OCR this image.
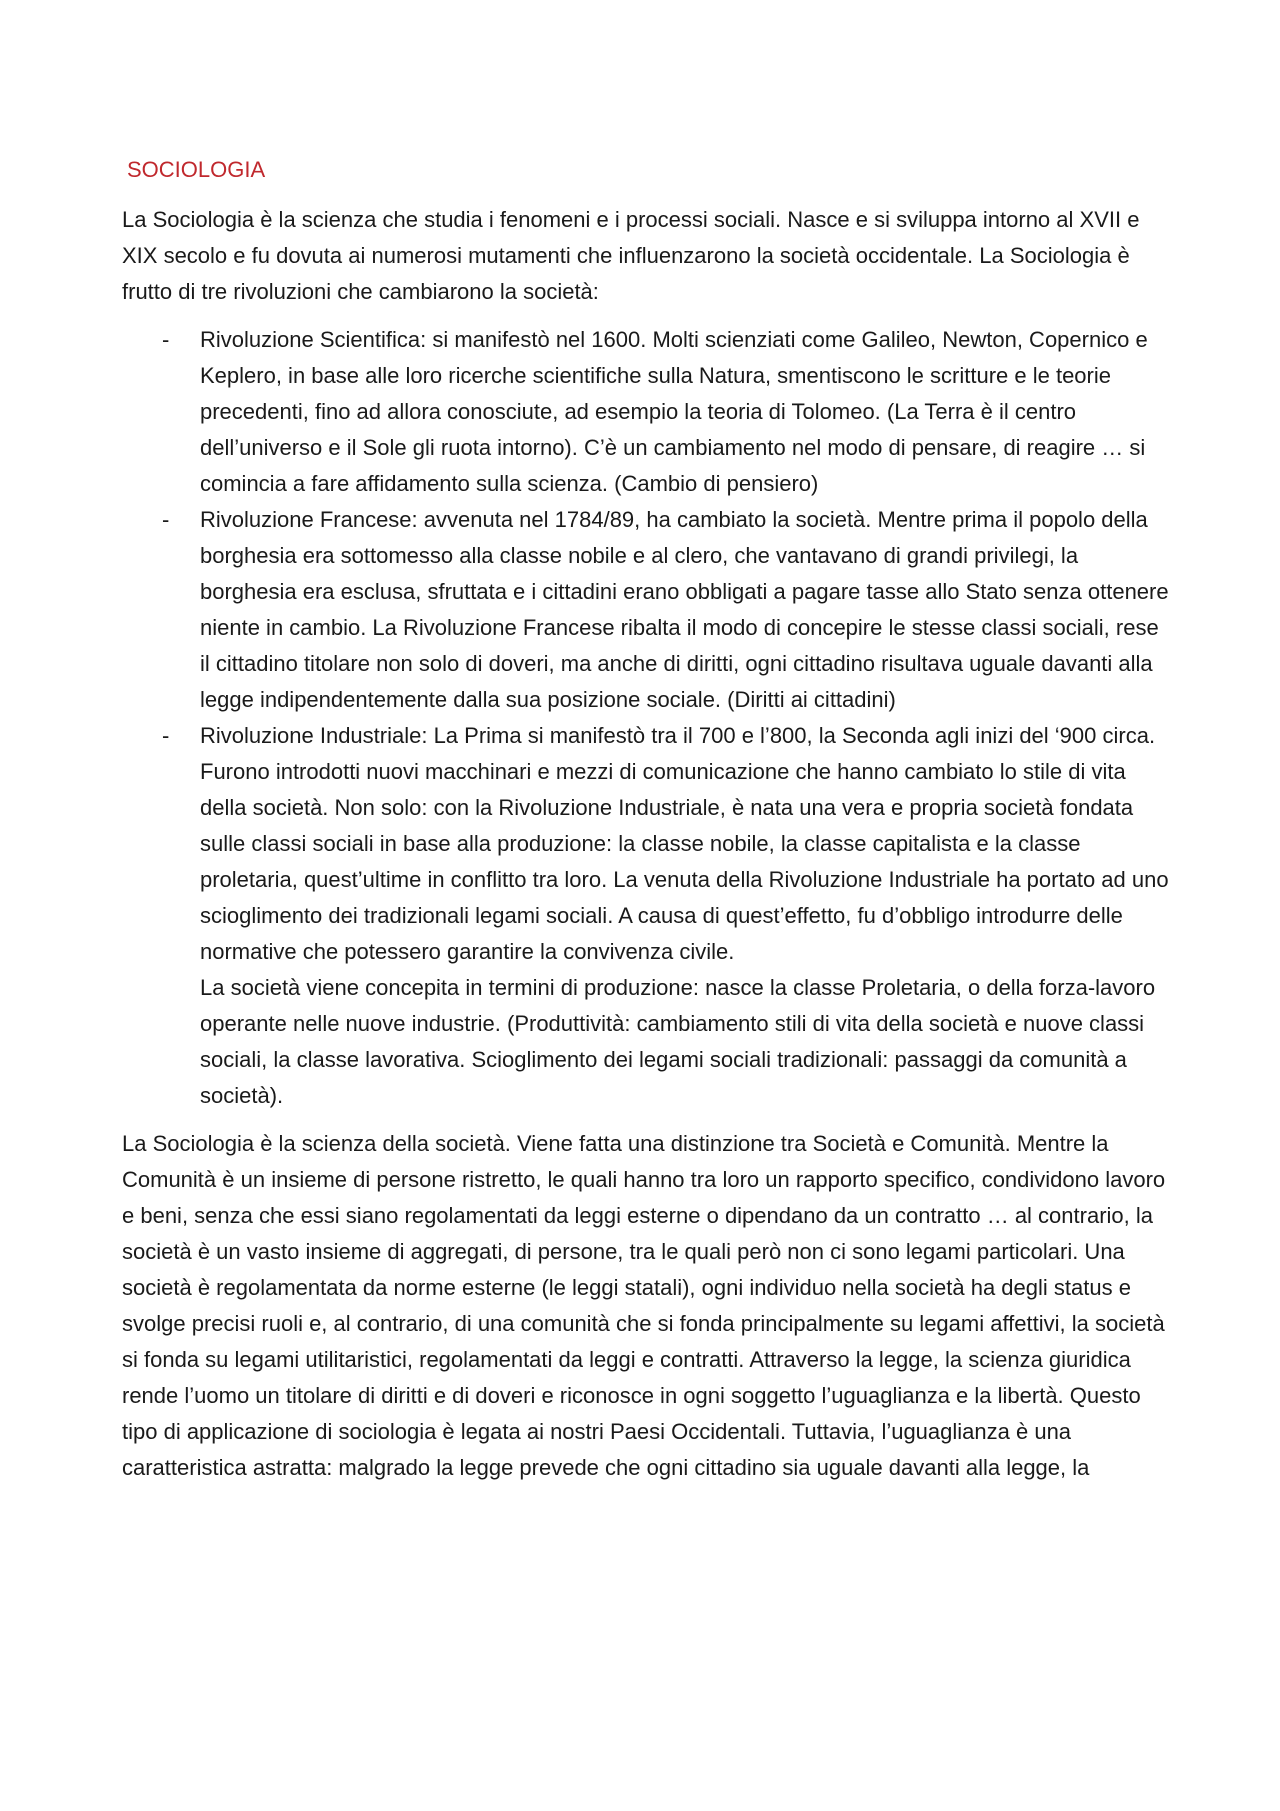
SOCIOLOGIA

La Sociologia è la scienza che studia i fenomeni e i processi sociali. Nasce e si sviluppa intorno al XVII e XIX secolo e fu dovuta ai numerosi mutamenti che influenzarono la società occidentale. La Sociologia è frutto di tre rivoluzioni che cambiarono la società:

- Rivoluzione Scientifica: si manifestò nel 1600. Molti scienziati come Galileo, Newton, Copernico e Keplero, in base alle loro ricerche scientifiche sulla Natura, smentiscono le scritture e le teorie precedenti, fino ad allora conosciute, ad esempio la teoria di Tolomeo. (La Terra è il centro dell’universo e il Sole gli ruota intorno). C’è un cambiamento nel modo di pensare, di reagire … si comincia a fare affidamento sulla scienza. (Cambio di pensiero)
- Rivoluzione Francese: avvenuta nel 1784/89, ha cambiato la società. Mentre prima il popolo della borghesia era sottomesso alla classe nobile e al clero, che vantavano di grandi privilegi, la borghesia era esclusa, sfruttata e i cittadini erano obbligati a pagare tasse allo Stato senza ottenere niente in cambio. La Rivoluzione Francese ribalta il modo di concepire le stesse classi sociali, rese il cittadino titolare non solo di doveri, ma anche di diritti, ogni cittadino risultava uguale davanti alla legge indipendentemente dalla sua posizione sociale. (Diritti ai cittadini)
- Rivoluzione Industriale: La Prima si manifestò tra il 700 e l’800, la Seconda agli inizi del ‘900 circa. Furono introdotti nuovi macchinari e mezzi di comunicazione che hanno cambiato lo stile di vita della società. Non solo: con la Rivoluzione Industriale, è nata una vera e propria società fondata sulle classi sociali in base alla produzione: la classe nobile, la classe capitalista e la classe proletaria, quest’ultime in conflitto tra loro. La venuta della Rivoluzione Industriale ha portato ad uno scioglimento dei tradizionali legami sociali. A causa di quest’effetto, fu d’obbligo introdurre delle normative che potessero garantire la convivenza civile.
La società viene concepita in termini di produzione: nasce la classe Proletaria, o della forza-lavoro operante nelle nuove industrie. (Produttività: cambiamento stili di vita della società e nuove classi sociali, la classe lavorativa. Scioglimento dei legami sociali tradizionali: passaggi da comunità a società).

La Sociologia è la scienza della società. Viene fatta una distinzione tra Società e Comunità. Mentre la Comunità è un insieme di persone ristretto, le quali hanno tra loro un rapporto specifico, condividono lavoro e beni, senza che essi siano regolamentati da leggi esterne o dipendano da un contratto … al contrario, la società è un vasto insieme di aggregati, di persone, tra le quali però non ci sono legami particolari. Una società è regolamentata da norme esterne (le leggi statali), ogni individuo nella società ha degli status e svolge precisi ruoli e, al contrario, di una comunità che si fonda principalmente su legami affettivi, la società si fonda su legami utilitaristici, regolamentati da leggi e contratti. Attraverso la legge, la scienza giuridica rende l’uomo un titolare di diritti e di doveri e riconosce in ogni soggetto l’uguaglianza e la libertà. Questo tipo di applicazione di sociologia è legata ai nostri Paesi Occidentali. Tuttavia, l’uguaglianza è una caratteristica astratta: malgrado la legge prevede che ogni cittadino sia uguale davanti alla legge, la
